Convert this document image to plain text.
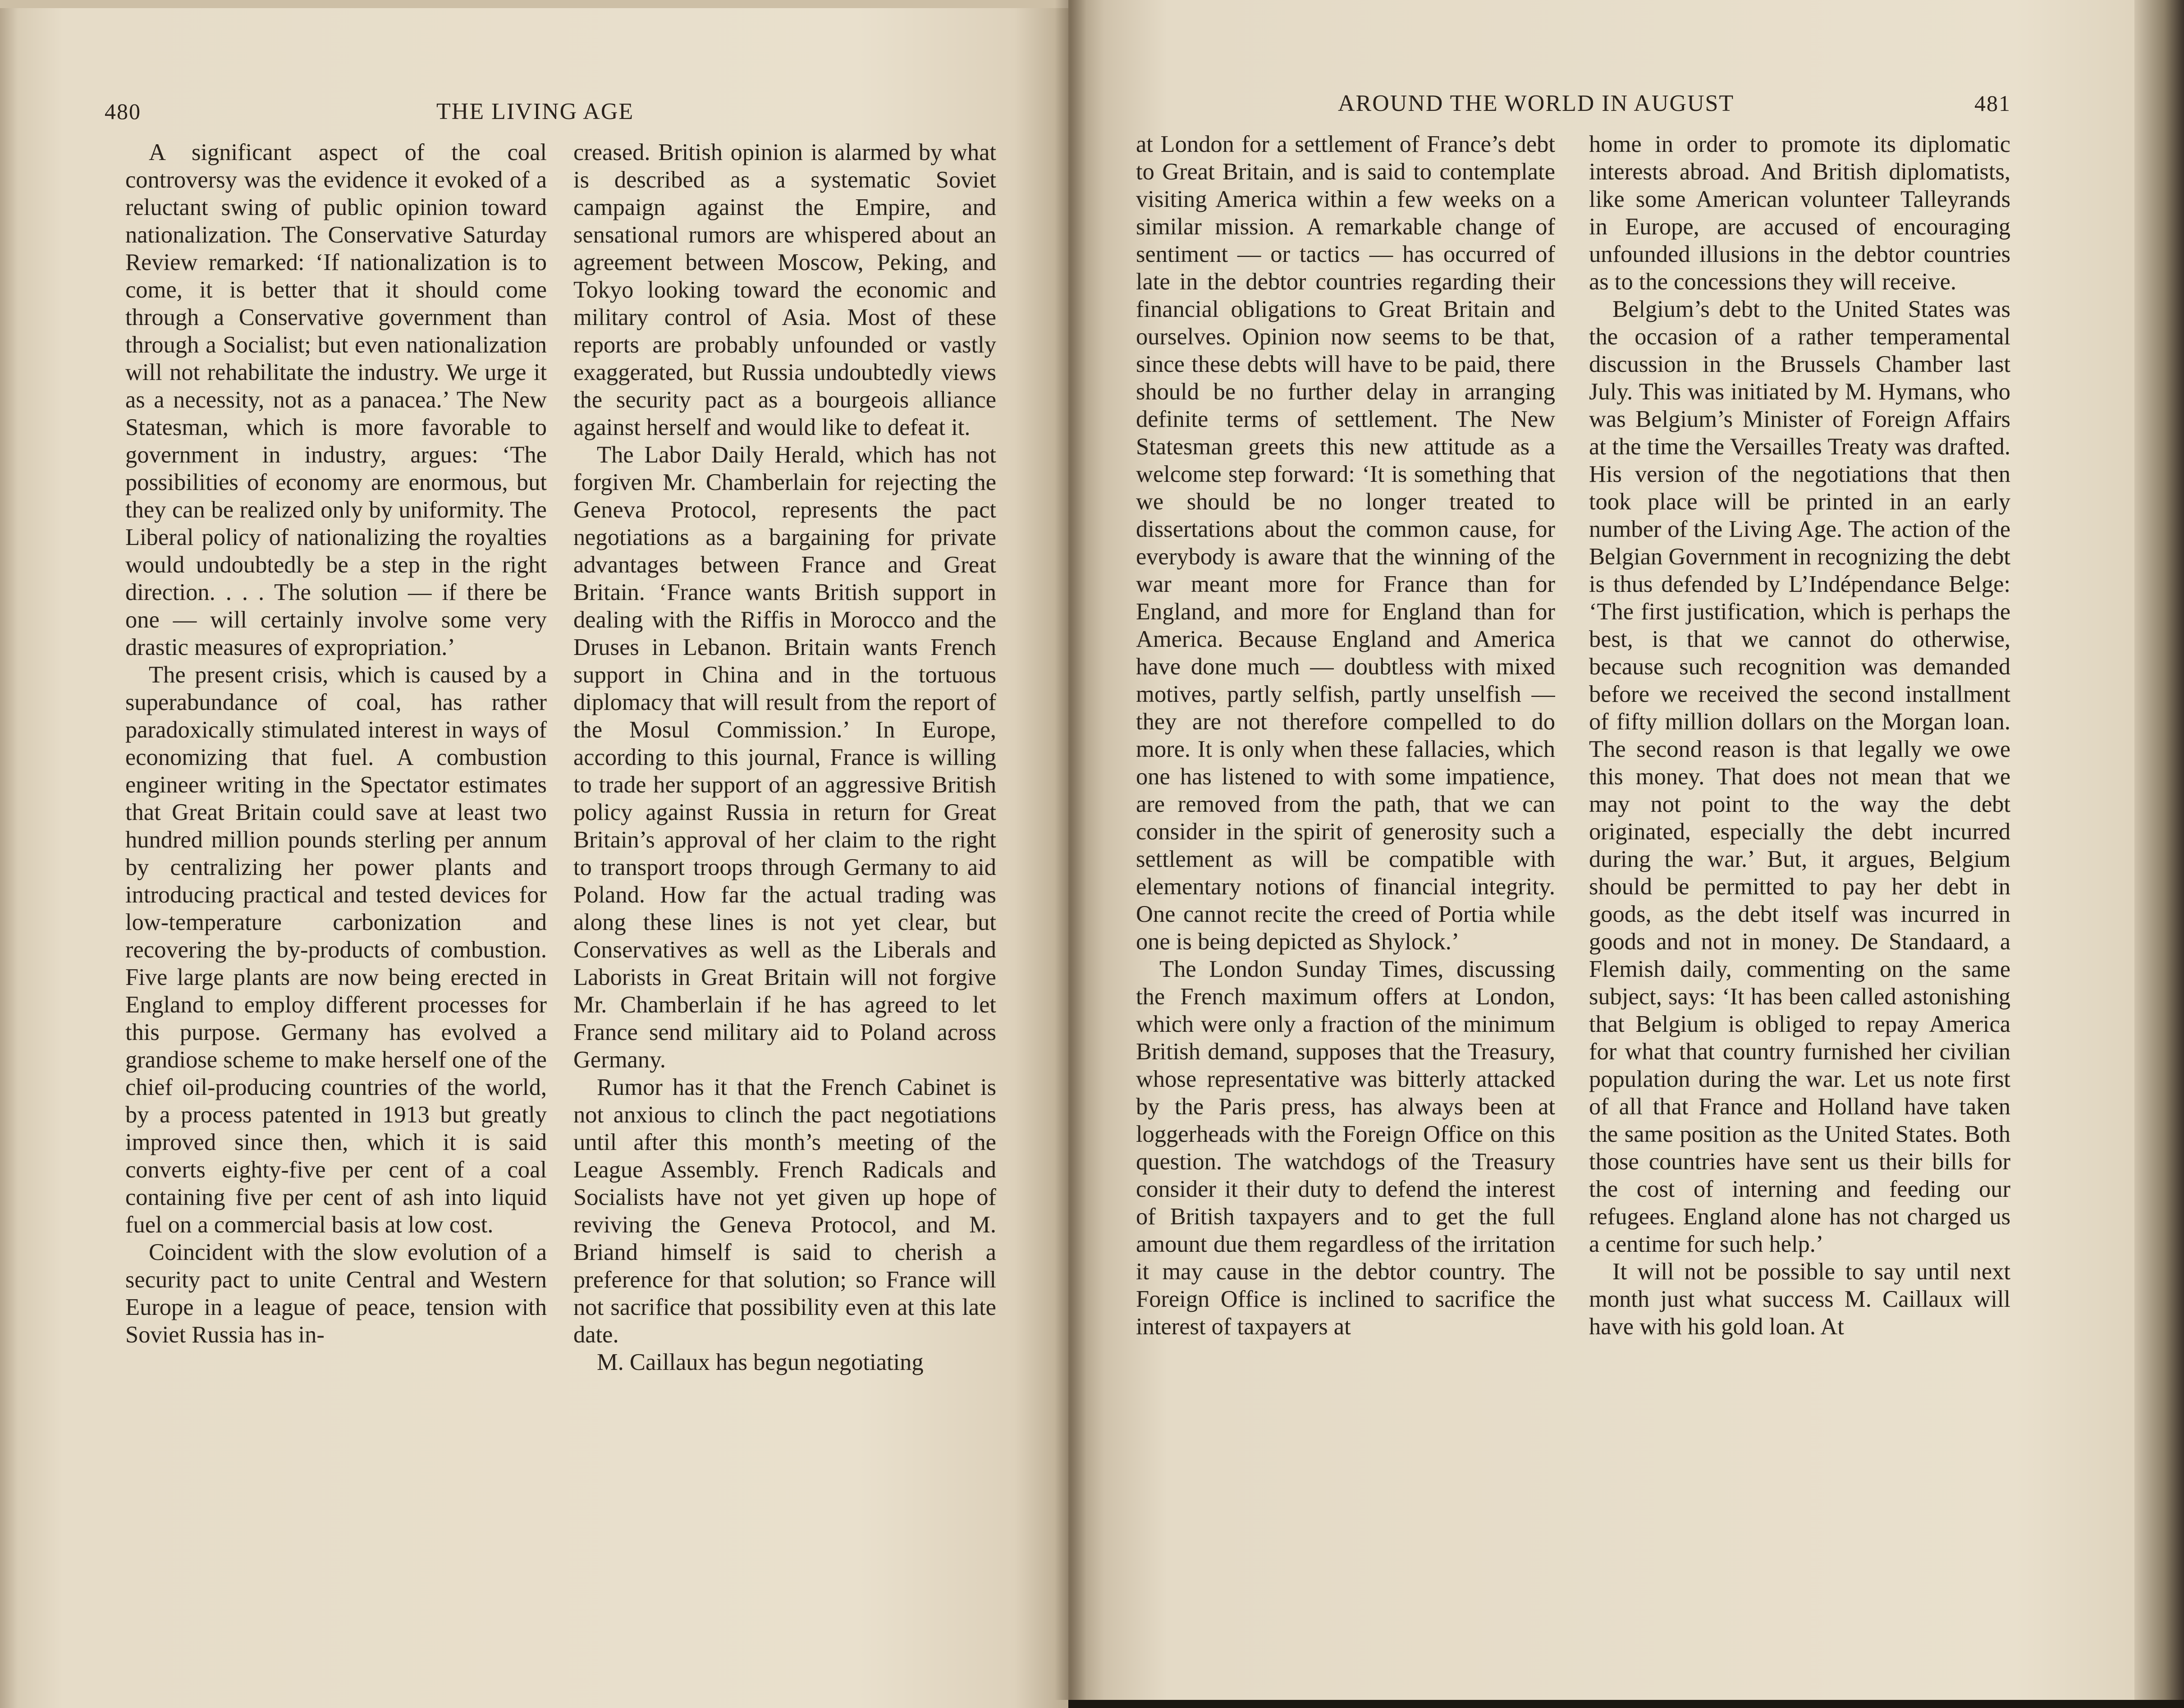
480	THE LIVING AGE

A significant aspect of the coal controversy was the evidence it evoked of a reluctant swing of public opinion toward nationalization. The Conservative Saturday Review remarked: ‘If nationalization is to come, it is better that it should come through a Conservative government than through a Socialist; but even nationalization will not rehabilitate the industry. We urge it as a necessity, not as a panacea.’ The New Statesman, which is more favorable to government in industry, argues: ‘The possibilities of economy are enormous, but they can be realized only by uniformity. The Liberal policy of nationalizing the royalties would undoubtedly be a step in the right direction. . . . The solution — if there be one — will certainly involve some very drastic measures of expropriation.’

The present crisis, which is caused by a superabundance of coal, has rather paradoxically stimulated interest in ways of economizing that fuel. A combustion engineer writing in the Spectator estimates that Great Britain could save at least two hundred million pounds sterling per annum by centralizing her power plants and introducing practical and tested devices for low-temperature carbonization and recovering the by-products of combustion. Five large plants are now being erected in England to employ different processes for this purpose. Germany has evolved a grandiose scheme to make herself one of the chief oil-producing countries of the world, by a process patented in 1913 but greatly improved since then, which it is said converts eighty-five per cent of a coal containing five per cent of ash into liquid fuel on a commercial basis at low cost.

Coincident with the slow evolution of a security pact to unite Central and Western Europe in a league of peace, tension with Soviet Russia has in-

creased. British opinion is alarmed by what is described as a systematic Soviet campaign against the Empire, and sensational rumors are whispered about an agreement between Moscow, Peking, and Tokyo looking toward the economic and military control of Asia. Most of these reports are probably unfounded or vastly exaggerated, but Russia undoubtedly views the security pact as a bourgeois alliance against herself and would like to defeat it.

The Labor Daily Herald, which has not forgiven Mr. Chamberlain for rejecting the Geneva Protocol, represents the pact negotiations as a bargaining for private advantages between France and Great Britain. ‘France wants British support in dealing with the Riffis in Morocco and the Druses in Lebanon. Britain wants French support in China and in the tortuous diplomacy that will result from the report of the Mosul Commission.’ In Europe, according to this journal, France is willing to trade her support of an aggressive British policy against Russia in return for Great Britain’s approval of her claim to the right to transport troops through Germany to aid Poland. How far the actual trading was along these lines is not yet clear, but Conservatives as well as the Liberals and Laborists in Great Britain will not forgive Mr. Chamberlain if he has agreed to let France send military aid to Poland across Germany.

Rumor has it that the French Cabinet is not anxious to clinch the pact negotiations until after this month’s meeting of the League Assembly. French Radicals and Socialists have not yet given up hope of reviving the Geneva Protocol, and M. Briand himself is said to cherish a preference for that solution; so France will not sacrifice that possibility even at this late date.

M. Caillaux has begun negotiating

AROUND THE WORLD IN AUGUST	481

at London for a settlement of France’s debt to Great Britain, and is said to contemplate visiting America within a few weeks on a similar mission. A remarkable change of sentiment — or tactics — has occurred of late in the debtor countries regarding their financial obligations to Great Britain and ourselves. Opinion now seems to be that, since these debts will have to be paid, there should be no further delay in arranging definite terms of settlement. The New Statesman greets this new attitude as a welcome step forward: ‘It is something that we should be no longer treated to dissertations about the common cause, for everybody is aware that the winning of the war meant more for France than for England, and more for England than for America. Because England and America have done much — doubtless with mixed motives, partly selfish, partly unselfish — they are not therefore compelled to do more. It is only when these fallacies, which one has listened to with some impatience, are removed from the path, that we can consider in the spirit of generosity such a settlement as will be compatible with elementary notions of financial integrity. One cannot recite the creed of Portia while one is being depicted as Shylock.’

The London Sunday Times, discussing the French maximum offers at London, which were only a fraction of the minimum British demand, supposes that the Treasury, whose representative was bitterly attacked by the Paris press, has always been at loggerheads with the Foreign Office on this question. The watchdogs of the Treasury consider it their duty to defend the interest of British taxpayers and to get the full amount due them regardless of the irritation it may cause in the debtor country. The Foreign Office is inclined to sacrifice the interest of taxpayers at

home in order to promote its diplomatic interests abroad. And British diplomatists, like some American volunteer Talleyrands in Europe, are accused of encouraging unfounded illusions in the debtor countries as to the concessions they will receive.

Belgium’s debt to the United States was the occasion of a rather temperamental discussion in the Brussels Chamber last July. This was initiated by M. Hymans, who was Belgium’s Minister of Foreign Affairs at the time the Versailles Treaty was drafted. His version of the negotiations that then took place will be printed in an early number of the Living Age. The action of the Belgian Government in recognizing the debt is thus defended by L’Indépendance Belge: ‘The first justification, which is perhaps the best, is that we cannot do otherwise, because such recognition was demanded before we received the second installment of fifty million dollars on the Morgan loan. The second reason is that legally we owe this money. That does not mean that we may not point to the way the debt originated, especially the debt incurred during the war.’ But, it argues, Belgium should be permitted to pay her debt in goods, as the debt itself was incurred in goods and not in money. De Standaard, a Flemish daily, commenting on the same subject, says: ‘It has been called astonishing that Belgium is obliged to repay America for what that country furnished her civilian population during the war. Let us note first of all that France and Holland have taken the same position as the United States. Both those countries have sent us their bills for the cost of interning and feeding our refugees. England alone has not charged us a centime for such help.’

It will not be possible to say until next month just what success M. Caillaux will have with his gold loan. At
